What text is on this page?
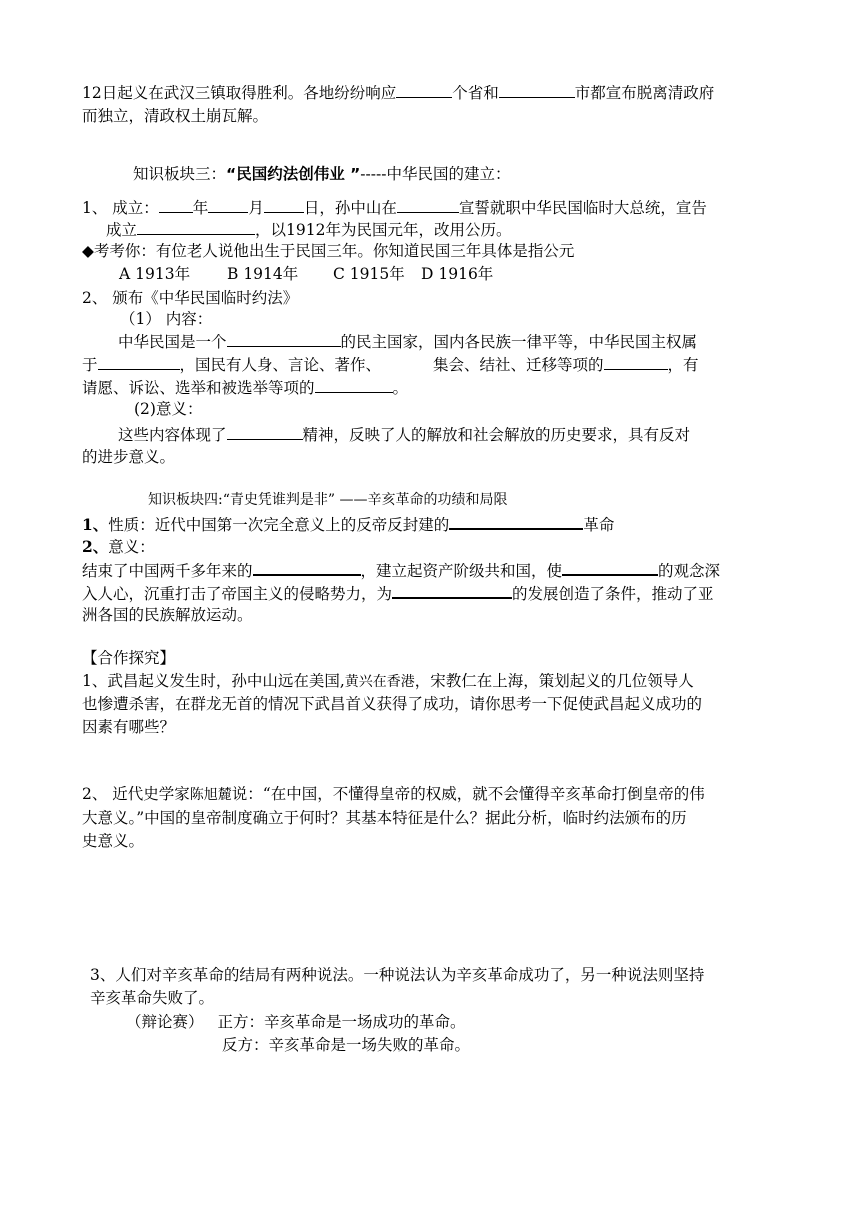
12日起义在武汉三镇取得胜利。各地纷纷响应	个省和	市都宣布脱离清政府
而独立，清政权土崩瓦解。
知识板块三：“民国约法创伟业 ”-----中华民国的建立：
1、 成立： 年	月	日，孙中山在	宣誓就职中华民国临时大总统，宣告
成立	，以1912年为民国元年，改用公历。
◆考考你：有位老人说他出生于民国三年。你知道民国三年具体是指公元
A 1913年 B 1914年 C 1915年 D 1916年
2、 颁布《中华民国临时约法》
（1） 内容：
中华民国是一个	的民主国家，国内各民族一律平等，中华民国主权属
于	，国民有人身、言论、著作、	集会、结社、迁移等项的	，有
请愿、诉讼、选举和被选举等项的	。
(2)意义：
这些内容体现了	精神，反映了人的解放和社会解放的历史要求，具有反对
的进步意义。
知识板块四:“青史凭谁判是非” ——辛亥革命的功绩和局限
1、性质：近代中国第一次完全意义上的反帝反封建的	革命
2、意义：
结束了中国两千多年来的	，建立起资产阶级共和国，使	的观念深
入人心，沉重打击了帝国主义的侵略势力，为	的发展创造了条件，推动了亚
洲各国的民族解放运动。
【合作探究】
1、武昌起义发生时，孙中山远在美国,黄兴在香港，宋教仁在上海，策划起义的几位领导人
也惨遭杀害，在群龙无首的情况下武昌首义获得了成功，请你思考一下促使武昌起义成功的
因素有哪些？
2、 近代史学家陈旭麓说：“在中国，不懂得皇帝的权威，就不会懂得辛亥革命打倒皇帝的伟
大意义。”中国的皇帝制度确立于何时？其基本特征是什么？据此分析，临时约法颁布的历
史意义。
3、人们对辛亥革命的结局有两种说法。一种说法认为辛亥革命成功了，另一种说法则坚持
辛亥革命失败了。
（辩论赛） 正方：辛亥革命是一场成功的革命。
反方：辛亥革命是一场失败的革命。
